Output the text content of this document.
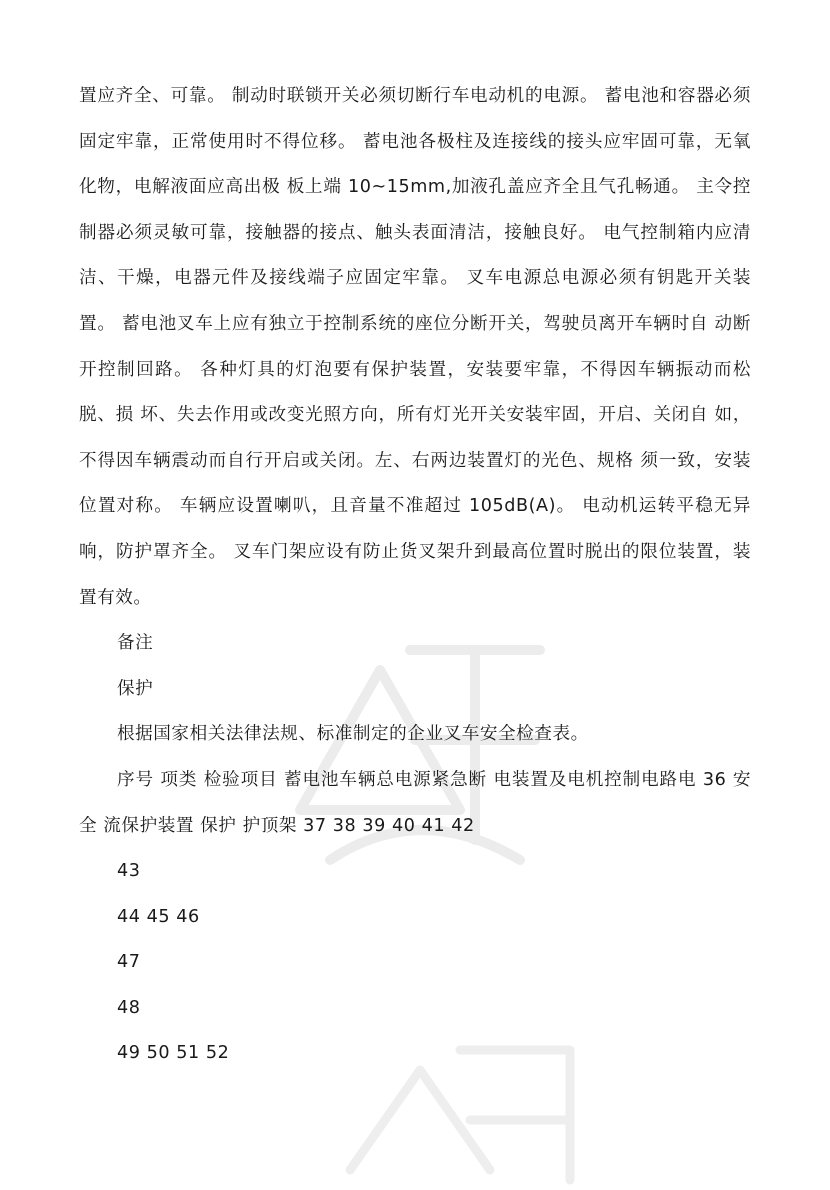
置应齐全、可靠。 制动时联锁开关必须切断行车电动机的电源。 蓄电池和容器必须固定牢靠，正常使用时不得位移。 蓄电池各极柱及连接线的接头应牢固可靠，无氧化物，电解液面应高出极 板上端 10~15mm,加液孔盖应齐全且气孔畅通。 主令控制器必须灵敏可靠，接触器的接点、触头表面清洁，接触良好。 电气控制箱内应清洁、干燥，电器元件及接线端子应固定牢靠。 叉车电源总电源必须有钥匙开关装置。 蓄电池叉车上应有独立于控制系统的座位分断开关，驾驶员离开车辆时自 动断开控制回路。 各种灯具的灯泡要有保护装置，安装要牢靠，不得因车辆振动而松脱、损 坏、失去作用或改变光照方向，所有灯光开关安装牢固，开启、关闭自 如，不得因车辆震动而自行开启或关闭。左、右两边装置灯的光色、规格 须一致，安装位置对称。 车辆应设置喇叭，且音量不准超过 105dB(A)。 电动机运转平稳无异响，防护罩齐全。 叉车门架应设有防止货叉架升到最高位置时脱出的限位装置，装置有效。

备注

保护

根据国家相关法律法规、标准制定的企业叉车安全检查表。

序号 项类 检验项目 蓄电池车辆总电源紧急断 电装置及电机控制电路电 36 安全 流保护装置 保护 护顶架 37 38 39 40 41 42

43

44 45 46

47

48

49 50 51 52
